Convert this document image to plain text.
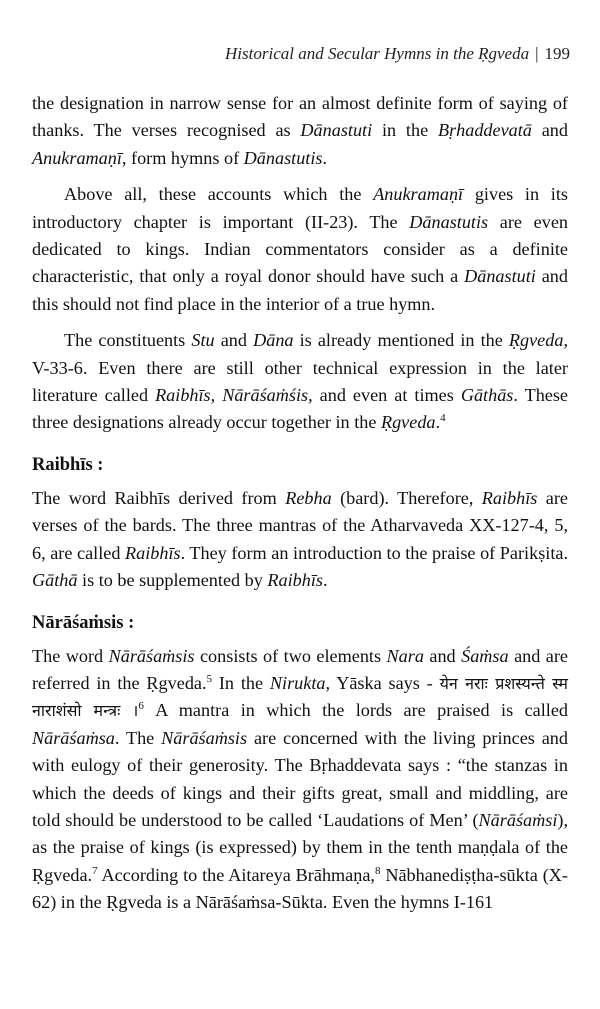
Historical and Secular Hymns in the Ṛgveda | 199

the designation in narrow sense for an almost definite form of saying of thanks. The verses recognised as Dānastuti in the Bṛhaddevatā and Anukramaṇī, form hymns of Dānastutis.

Above all, these accounts which the Anukramaṇī gives in its introductory chapter is important (II-23). The Dānastutis are even dedicated to kings. Indian commentators consider as a definite characteristic, that only a royal donor should have such a Dānastuti and this should not find place in the interior of a true hymn.

The constituents Stu and Dāna is already mentioned in the Ṛgveda, V-33-6. Even there are still other technical expression in the later literature called Raibhīs, Nārāśaṁśis, and even at times Gāthās. These three designations already occur together in the Ṛgveda.$^4$

Raibhīs :

The word Raibhīs derived from Rebha (bard). Therefore, Raibhīs are verses of the bards. The three mantras of the Atharvaveda XX-127-4, 5, 6, are called Raibhīs. They form an introduction to the praise of Parikṣita. Gāthā is to be supplemented by Raibhīs.

Nārāśaṁsis :

The word Nārāśaṁsis consists of two elements Nara and Śaṁsa and are referred in the Ṛgveda.$^5$ In the Nirukta, Yāska says - येन नराः प्रशस्यन्ते स्म नाराशंसो मन्त्रः ।$^6$ A mantra in which the lords are praised is called Nārāśaṁsa. The Nārāśaṁsis are concerned with the living princes and with eulogy of their generosity. The Bṛhaddevata says : “the stanzas in which the deeds of kings and their gifts great, small and middling, are told should be understood to be called ‘Laudations of Men’ (Nārāśaṁsi), as the praise of kings (is expressed) by them in the tenth maṇḍala of the Ṛgveda.$^7$ According to the Aitareya Brāhmaṇa,$^8$ Nābhanediṣṭha-sūkta (X-62) in the Ṛgveda is a Nārāśaṁsa-Sūkta. Even the hymns I-161
